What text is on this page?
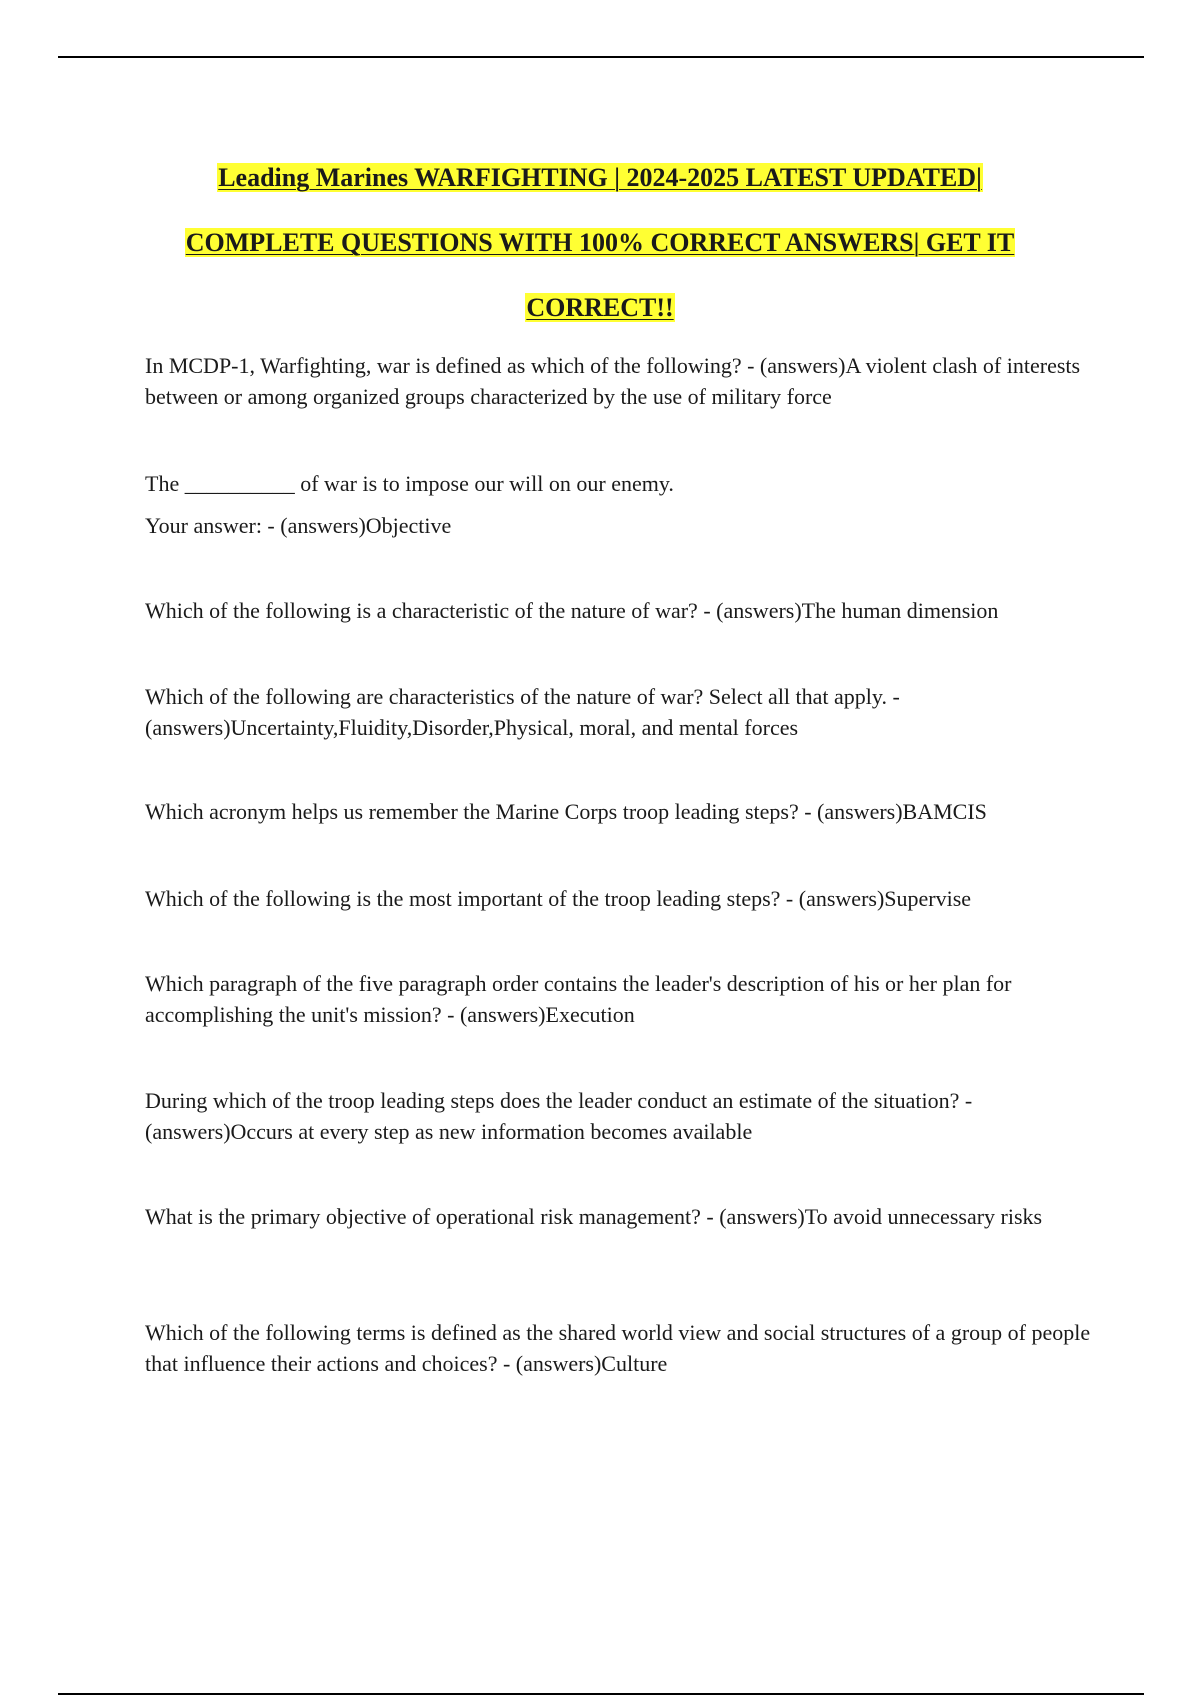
Leading Marines WARFIGHTING | 2024-2025 LATEST UPDATED|
COMPLETE QUESTIONS WITH 100% CORRECT ANSWERS| GET IT
CORRECT!!

In MCDP-1, Warfighting, war is defined as which of the following? - (answers)A violent clash of interests between or among organized groups characterized by the use of military force

The __________ of war is to impose our will on our enemy.

Your answer: - (answers)Objective

Which of the following is a characteristic of the nature of war? - (answers)The human dimension

Which of the following are characteristics of the nature of war? Select all that apply. - (answers)Uncertainty,Fluidity,Disorder,Physical, moral, and mental forces

Which acronym helps us remember the Marine Corps troop leading steps? - (answers)BAMCIS

Which of the following is the most important of the troop leading steps? - (answers)Supervise

Which paragraph of the five paragraph order contains the leader's description of his or her plan for accomplishing the unit's mission? - (answers)Execution

During which of the troop leading steps does the leader conduct an estimate of the situation? - (answers)Occurs at every step as new information becomes available

What is the primary objective of operational risk management? - (answers)To avoid unnecessary risks

Which of the following terms is defined as the shared world view and social structures of a group of people that influence their actions and choices? - (answers)Culture
